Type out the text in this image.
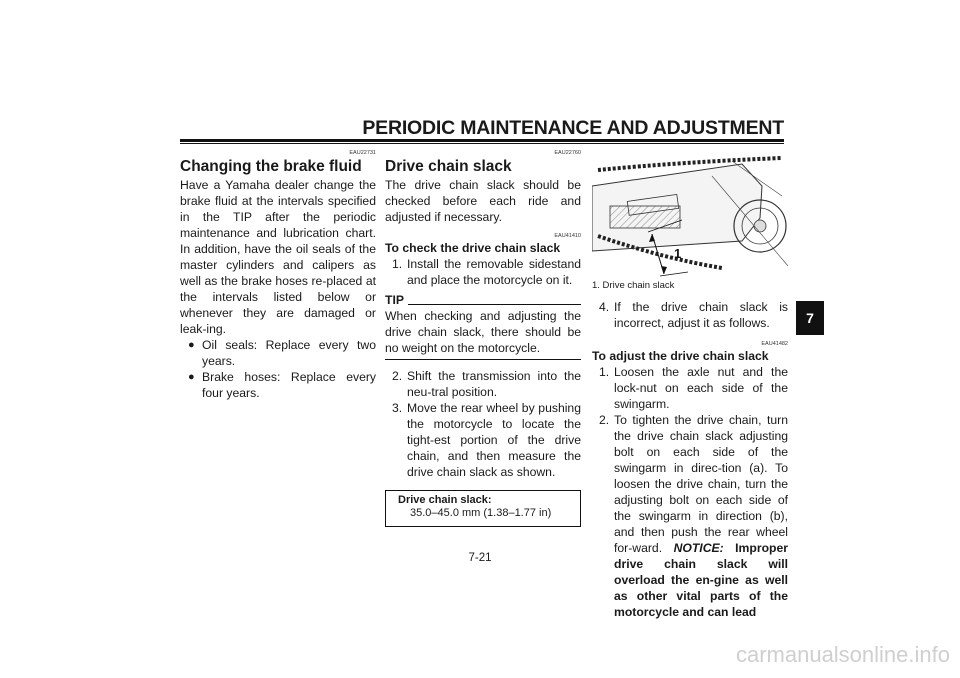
PERIODIC MAINTENANCE AND ADJUSTMENT
EAU22731
Changing the brake fluid
Have a Yamaha dealer change the brake fluid at the intervals specified in the TIP after the periodic maintenance and lubrication chart. In addition, have the oil seals of the master cylinders and calipers as well as the brake hoses re-placed at the intervals listed below or whenever they are damaged or leak-ing.
● Oil seals: Replace every two years.
● Brake hoses: Replace every four years.
EAU22760
Drive chain slack
The drive chain slack should be checked before each ride and adjusted if necessary.
EAU41410
To check the drive chain slack
1. Install the removable sidestand and place the motorcycle on it.
TIP
When checking and adjusting the drive chain slack, there should be no weight on the motorcycle.
2. Shift the transmission into the neu-tral position.
3. Move the rear wheel by pushing the motorcycle to locate the tight-est portion of the drive chain, and then measure the drive chain slack as shown.
Drive chain slack:
35.0–45.0 mm (1.38–1.77 in)
1
1. Drive chain slack
4. If the drive chain slack is incorrect, adjust it as follows.
EAU41482
To adjust the drive chain slack
1. Loosen the axle nut and the lock-nut on each side of the swingarm.
2. To tighten the drive chain, turn the drive chain slack adjusting bolt on each side of the swingarm in direc-tion (a). To loosen the drive chain, turn the adjusting bolt on each side of the swingarm in direction (b), and then push the rear wheel for-ward. NOTICE: Improper drive chain slack will overload the en-gine as well as other vital parts of the motorcycle and can lead
7
7-21
carmanualsonline.info
